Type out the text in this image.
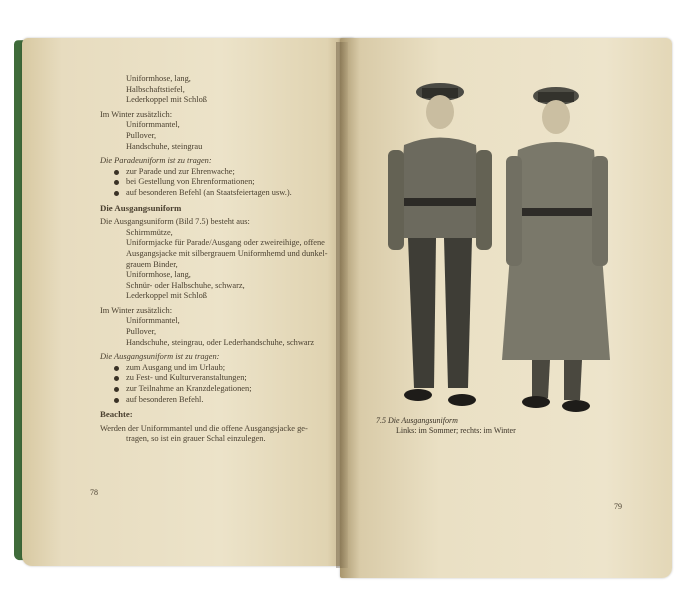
Uniformhose, lang,
Halbschaftstiefel,
Lederkoppel mit Schloß
Im Winter zusätzlich:
Uniformmantel,
Pullover,
Handschuhe, steingrau
Die Paradeuniform ist zu tragen:
zur Parade und zur Ehrenwache;
bei Gestellung von Ehrenformationen;
auf besonderen Befehl (an Staatsfeiertagen usw.).
Die Ausgangsuniform
Die Ausgangsuniform (Bild 7.5) besteht aus:
Schirmmütze,
Uniformjacke für Parade/Ausgang oder zweireihige, offene
Ausgangsjacke mit silbergrauem Uniformhemd und dunkel-
grauem Binder,
Uniformhose, lang,
Schnür- oder Halbschuhe, schwarz,
Lederkoppel mit Schloß
Im Winter zusätzlich:
Uniformmantel,
Pullover,
Handschuhe, steingrau, oder Lederhandschuhe, schwarz
Die Ausgangsuniform ist zu tragen:
zum Ausgang und im Urlaub;
zu Fest- und Kulturveranstaltungen;
zur Teilnahme an Kranzdelegationen;
auf besonderen Befehl.
Beachte:
Werden der Uniformmantel und die offene Ausgangsjacke ge-
tragen, so ist ein grauer Schal einzulegen.
78
7.5 Die Ausgangsuniform
Links: im Sommer; rechts: im Winter
79
